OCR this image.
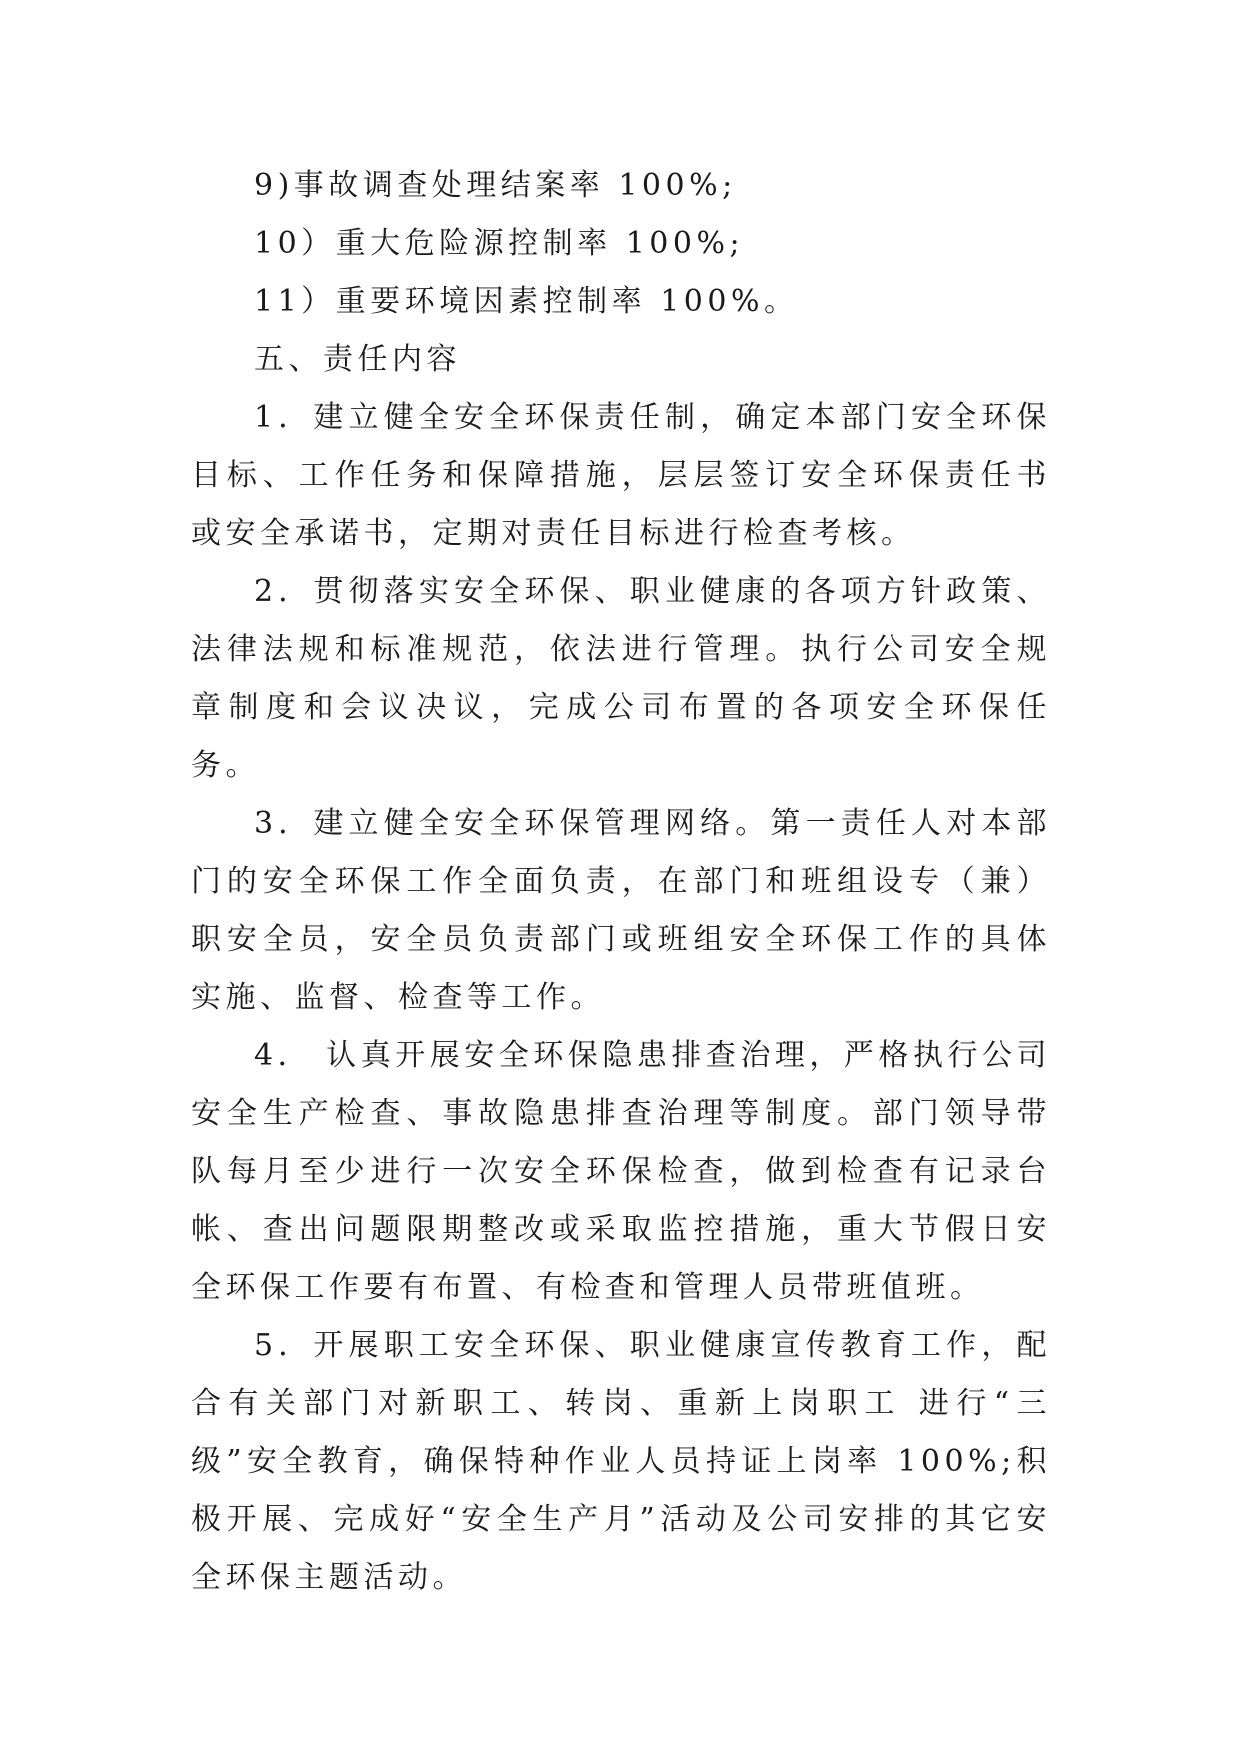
9)事故调查处理结案率 100%;

10）重大危险源控制率 100%;

11）重要环境因素控制率 100%。

五、责任内容

1．建立健全安全环保责任制，确定本部门安全环保目标、工作任务和保障措施，层层签订安全环保责任书或安全承诺书，定期对责任目标进行检查考核。

2．贯彻落实安全环保、职业健康的各项方针政策、法律法规和标准规范，依法进行管理。执行公司安全规章制度和会议决议，完成公司布置的各项安全环保任务。

3．建立健全安全环保管理网络。第一责任人对本部门的安全环保工作全面负责，在部门和班组设专（兼）职安全员，安全员负责部门或班组安全环保工作的具体实施、监督、检查等工作。

4． 认真开展安全环保隐患排查治理，严格执行公司安全生产检查、事故隐患排查治理等制度。部门领导带队每月至少进行一次安全环保检查，做到检查有记录台帐、查出问题限期整改或采取监控措施，重大节假日安全环保工作要有布置、有检查和管理人员带班值班。

5．开展职工安全环保、职业健康宣传教育工作，配合有关部门对新职工、转岗、重新上岗职工 进行“三级”安全教育，确保特种作业人员持证上岗率 100%;积极开展、完成好“安全生产月”活动及公司安排的其它安全环保主题活动。
